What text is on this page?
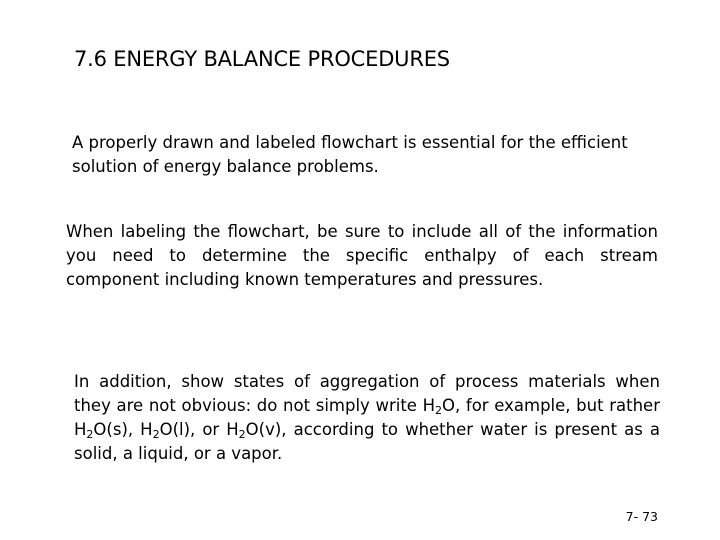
7.6 ENERGY BALANCE PROCEDURES
A properly drawn and labeled flowchart is essential for the efficient
solution of energy balance problems.
When labeling the flowchart, be sure to include all of the information you need to determine the specific enthalpy of each stream component including known temperatures and pressures.
In addition, show states of aggregation of process materials when they are not obvious: do not simply write $H_2O$, for example, but rather $H_2O(s)$, $H_2O(l)$, or $H_2O(v)$, according to whether water is present as a solid, a liquid, or a vapor.
7- 73
